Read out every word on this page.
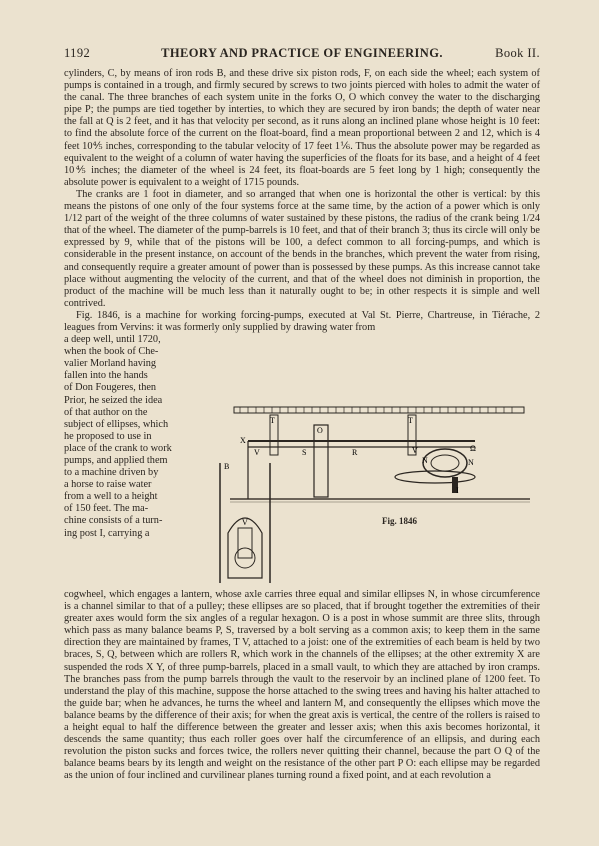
1192	THEORY AND PRACTICE OF ENGINEERING.	Book II.

cylinders, C, by means of iron rods B, and these drive six piston rods, F, on each side the wheel; each system of pumps is contained in a trough, and firmly secured by screws to two joints pierced with holes to admit the water of the canal. The three branches of each system unite in the forks O, O which convey the water to the discharging pipe P; the pumps are tied together by interties, to which they are secured by iron bands; the depth of water near the fall at Q is 2 feet, and it has that velocity per second, as it runs along an inclined plane whose height is 10 feet: to find the absolute force of the current on the float-board, find a mean proportional between 2 and 12, which is 4 feet 10⅘ inches, corresponding to the tabular velocity of 17 feet 1⅙. Thus the absolute power may be regarded as equivalent to the weight of a column of water having the superficies of the floats for its base, and a height of 4 feet 10⅘ inches; the diameter of the wheel is 24 feet, its float-boards are 5 feet long by 1 high; consequently the absolute power is equivalent to a weight of 1715 pounds.

The cranks are 1 foot in diameter, and so arranged that when one is horizontal the other is vertical: by this means the pistons of one only of the four systems force at the same time, by the action of a power which is only 1/12 part of the weight of the three columns of water sustained by these pistons, the radius of the crank being 1/24 that of the wheel. The diameter of the pump-barrels is 10 feet, and that of their branch 3; thus its circle will only be expressed by 9, while that of the pistons will be 100, a defect common to all forcing-pumps, and which is considerable in the present instance, on account of the bends in the branches, which prevent the water from rising, and consequently require a greater amount of power than is possessed by these pumps. As this increase cannot take place without augmenting the velocity of the current, and that of the wheel does not diminish in proportion, the product of the machine will be much less than it naturally ought to be; in other respects it is simple and well contrived.

Fig. 1846, is a machine for working forcing-pumps, executed at Val St. Pierre, Chartreuse, in Tiérache, 2 leagues from Vervins: it was formerly only supplied by drawing water from

a deep well, until 1720,
when the book of Che-
valier Morland having
fallen into the hands
of Don Fougeres, then
Prior, he seized the idea
of that author on the
subject of ellipses, which
he proposed to use in
place of the crank to work
pumps, and applied them
to a machine driven by
a horse to raise water
from a well to a height
of 150 feet. The ma-
chine consists of a turn-
ing post I, carrying a
T
O
T
S	R
V	V	Ω
N	N
X
B
I
V	Fig. 1846

cogwheel, which engages a lantern, whose axle carries three equal and similar ellipses N, in whose circumference is a channel similar to that of a pulley; these ellipses are so placed, that if brought together the extremities of their greater axes would form the six angles of a regular hexagon. O is a post in whose summit are three slits, through which pass as many balance beams P, S, traversed by a bolt serving as a common axis; to keep them in the same direction they are maintained by frames, T V, attached to a joist: one of the extremities of each beam is held by two braces, S, Q, between which are rollers R, which work in the channels of the ellipses; at the other extremity X are suspended the rods X Y, of three pump-barrels, placed in a small vault, to which they are attached by iron cramps. The branches pass from the pump barrels through the vault to the reservoir by an inclined plane of 1200 feet. To understand the play of this machine, suppose the horse attached to the swing trees and having his halter attached to the guide bar; when he advances, he turns the wheel and lantern M, and consequently the ellipses which move the balance beams by the difference of their axis; for when the great axis is vertical, the centre of the rollers is raised to a height equal to half the difference between the greater and lesser axis; when this axis becomes horizontal, it descends the same quantity; thus each roller goes over half the circumference of an ellipsis, and during each revolution the piston sucks and forces twice, the rollers never quitting their channel, because the part O Q of the balance beams bears by its length and weight on the resistance of the other part P O: each ellipse may be regarded as the union of four inclined and curvilinear planes turning round a fixed point, and at each revolution a
